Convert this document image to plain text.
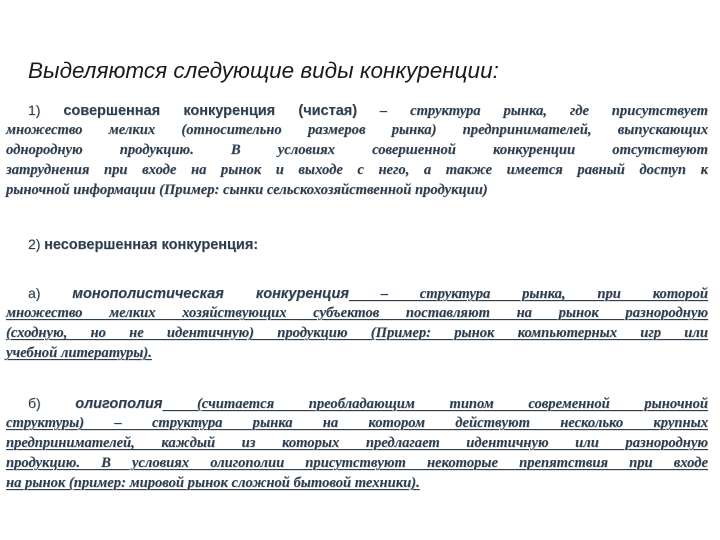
Выделяются следующие виды конкуренции:
1) совершенная конкуренция (чистая) – структура рынка, где присутствует
множество мелких (относительно размеров рынка) предпринимателей, выпускающих
однородную продукцию. В условиях совершенной конкуренции отсутствуют
затруднения при входе на рынок и выходе с него, а также имеется равный доступ к
рыночной информации (Пример: сынки сельскохозяйственной продукции)
2) несовершенная конкуренция:
а) монополистическая конкуренция – структура рынка, при которой
множество мелких хозяйствующих субъектов поставляют на рынок разнородную
(сходную, но не идентичную) продукцию (Пример: рынок компьютерных игр или
учебной литературы).
б) олигополия (считается преобладающим типом современной рыночной
структуры) – структура рынка на котором действуют несколько крупных
предпринимателей, каждый из которых предлагает идентичную или разнородную
продукцию. В условиях олигополии присутствуют некоторые препятствия при входе
на рынок (пример: мировой рынок сложной бытовой техники).
